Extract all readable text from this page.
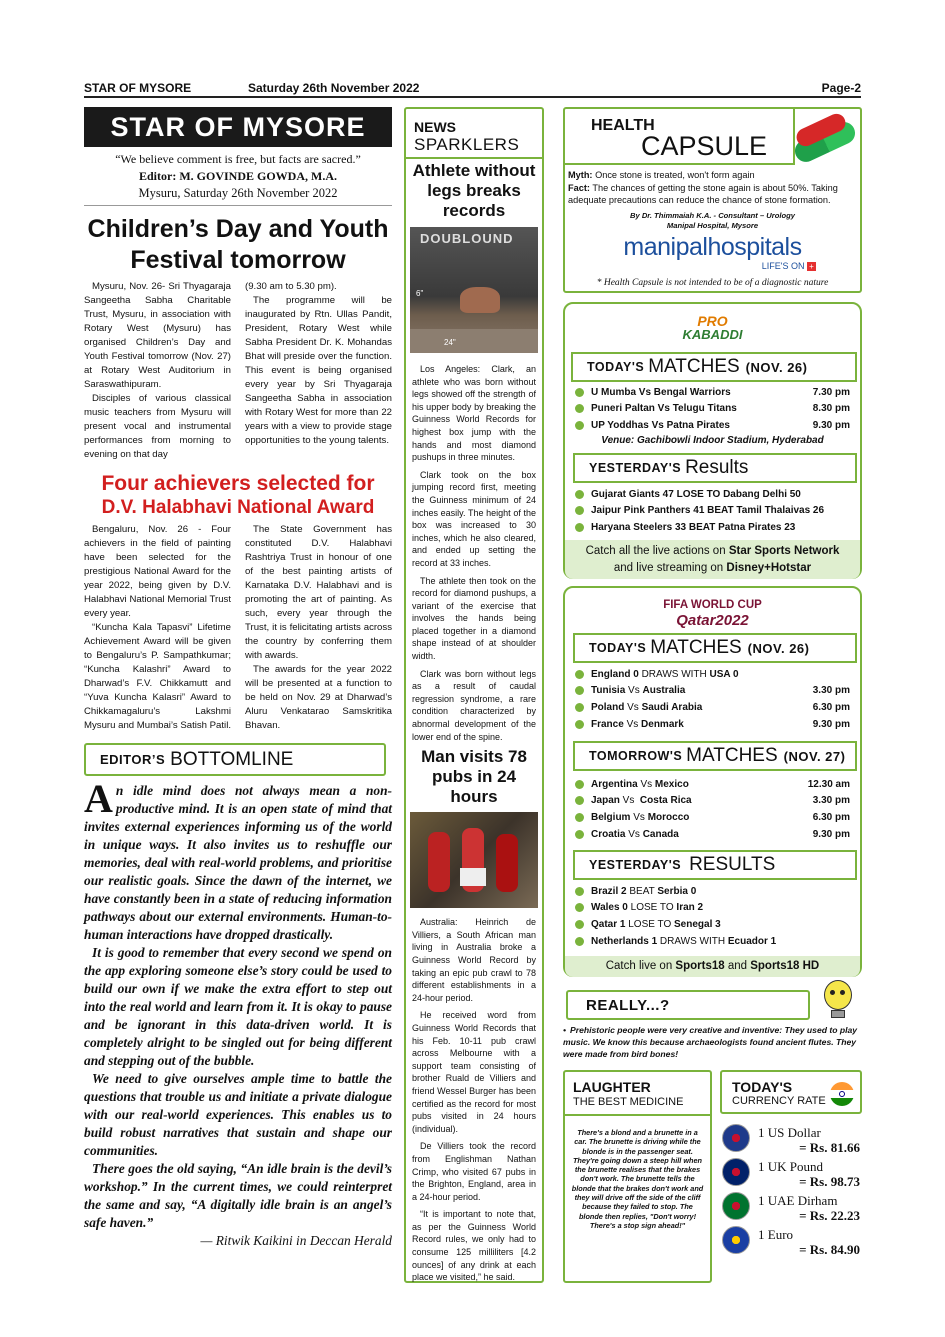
STAR OF MYSORE	Saturday 26th November 2022	Page-2
STAR OF MYSORE
“We believe comment is free, but facts are sacred.”
Editor: M. GOVINDE GOWDA, M.A.
Mysuru, Saturday 26th November 2022
Children’s Day and Youth Festival tomorrow

Mysuru, Nov. 26- Sri Thyagaraja Sangeetha Sabha Charitable Trust, Mysuru, in association with Rotary West (Mysuru) has organised Children’s Day and Youth Festival tomorrow (Nov. 27) at Rotary West Auditorium in Saraswathipuram.

Disciples of various classical music teachers from Mysuru will present vocal and instrumental performances from morning to evening on that day

(9.30 am to 5.30 pm).

The programme will be inaugurated by Rtn. Ullas Pandit, President, Rotary West while Sabha President Dr. K. Mohandas Bhat will preside over the function. This event is being organised every year by Sri Thyagaraja Sangeetha Sabha in association with Rotary West for more than 22 years with a view to provide stage opportunities to the young talents.

Four achievers selected for
D.V. Halabhavi National Award

Bengaluru, Nov. 26 - Four achievers in the field of painting have been selected for the prestigious National Award for the year 2022, being given by D.V. Halabhavi National Memorial Trust every year.

“Kuncha Kala Tapasvi” Lifetime Achievement Award will be given to Bengaluru’s P. Sampathkumar; “Kuncha Kalashri” Award to Dharwad’s F.V. Chikkamutt and “Yuva Kuncha Kalasri” Award to Chikkamagaluru’s Lakshmi Mysuru and Mumbai’s Satish Patil.

The State Government has constituted D.V. Halabhavi Rashtriya Trust in honour of one of the best painting artists of Karnataka D.V. Halabhavi and is promoting the art of painting. As such, every year through the Trust, it is felicitating artists across the country by conferring them with awards.

The awards for the year 2022 will be presented at a function to be held on Nov. 29 at Dharwad’s Aluru Venkatarao Samskritika Bhavan.

EDITOR’S BOTTOMLINE

An idle mind does not always mean a non-productive mind. It is an open state of mind that invites external experiences informing us of the world in unique ways. It also invites us to reshuffle our memories, deal with real-world problems, and prioritise our realistic goals. Since the dawn of the internet, we have constantly been in a state of reducing information pathways about our external environments. Human-to-human interactions have dropped drastically.

It is good to remember that every second we spend on the app exploring someone else’s story could be used to build our own if we make the extra effort to step out into the real world and learn from it. It is okay to pause and be ignorant in this data-driven world. It is completely alright to be singled out for being different and stepping out of the bubble.

We need to give ourselves ample time to battle the questions that trouble us and initiate a private dialogue with our real-world experiences. This enables us to build robust narratives that sustain and shape our communities.

There goes the old saying, “An idle brain is the devil’s workshop.” In the current times, we could reinterpret the same and say, “A digitally idle brain is an angel’s safe haven.”

— Ritwik Kaikini in Deccan Herald

NEWS
SPARKLERS
Athlete without legs breaks records
DOUBLOUND
6"
24"

Los Angeles: Clark, an athlete who was born without legs showed off the strength of his upper body by breaking the Guinness World Records for highest box jump with the hands and most diamond pushups in three minutes.

Clark took on the box jumping record first, meeting the Guinness minimum of 24 inches easily. The height of the box was increased to 30 inches, which he also cleared, and ended up setting the record at 33 inches.

The athlete then took on the record for diamond pushups, a variant of the exercise that involves the hands being placed together in a diamond shape instead of at shoulder width.

Clark was born without legs as a result of caudal regression syndrome, a rare condition characterized by abnormal development of the lower end of the spine.

Man visits 78 pubs in 24 hours

Australia: Heinrich de Villiers, a South African man living in Australia broke a Guinness World Record by taking an epic pub crawl to 78 different establishments in a 24-hour period.

He received word from Guinness World Records that his Feb. 10-11 pub crawl across Melbourne with a support team consisting of brother Ruald de Villiers and friend Wessel Burger has been certified as the record for most pubs visited in 24 hours (individual).

De Villiers took the record from Englishman Nathan Crimp, who visited 67 pubs in the Brighton, England, area in a 24-hour period.

“It is important to note that, as per the Guinness World Record rules, we only had to consume 125 milliliters [4.2 ounces] of any drink at each place we visited,” he said.

HEALTH
CAPSULE
Myth: Once stone is treated, won't form again
Fact: The chances of getting the stone again is about 50%. Taking adequate precautions can reduce the chance of stone formation.
By Dr. Thimmaiah K.A. - Consultant – Urology
Manipal Hospital, Mysore
manipalhospitals
LIFE'S ON +
* Health Capsule is not intended to be of a diagnostic nature
PRO
KABADDI
TODAY'S MATCHES (NOV. 26)
U Mumba Vs Bengal Warriors	7.30 pm
Puneri Paltan Vs Telugu Titans	8.30 pm
UP Yoddhas Vs Patna Pirates	9.30 pm
Venue: Gachibowli Indoor Stadium, Hyderabad
YESTERDAY'S Results
Gujarat Giants 47 LOSE TO Dabang Delhi 50
Jaipur Pink Panthers 41 BEAT Tamil Thalaivas 26
Haryana Steelers 33 BEAT Patna Pirates 23
Catch all the live actions on Star Sports Network
and live streaming on Disney+Hotstar
FIFA WORLD CUP
Qatar2022
TODAY'S MATCHES (NOV. 26)
England 0 DRAWS WITH USA 0
Tunisia Vs Australia	3.30 pm
Poland Vs Saudi Arabia	6.30 pm
France Vs Denmark	9.30 pm
TOMORROW'S MATCHES (NOV. 27)
Argentina Vs Mexico	12.30 am
Japan Vs Costa Rica	3.30 pm
Belgium Vs Morocco	6.30 pm
Croatia Vs Canada	9.30 pm
YESTERDAY'S RESULTS
Brazil 2 BEAT Serbia 0
Wales 0 LOSE TO Iran 2
Qatar 1 LOSE TO Senegal 3
Netherlands 1 DRAWS WITH Ecuador 1
Catch live on Sports18 and Sports18 HD
REALLY...?
• Prehistoric people were very creative and inventive: They used to play music. We know this because archaeologists found ancient flutes. They were made from bird bones!
LAUGHTER
THE BEST MEDICINE
There's a blond and a brunette in a car. The brunette is driving while the blonde is in the passenger seat. They're going down a steep hill when the brunette realises that the brakes don't work. The brunette tells the blonde that the brakes don't work and they will drive off the side of the cliff because they failed to stop. The blonde then replies, "Don't worry! There's a stop sign ahead!"
TODAY'S
CURRENCY RATE
1 US Dollar
= Rs. 81.66
1 UK Pound
= Rs. 98.73
1 UAE Dirham
= Rs. 22.23
1 Euro
= Rs. 84.90
